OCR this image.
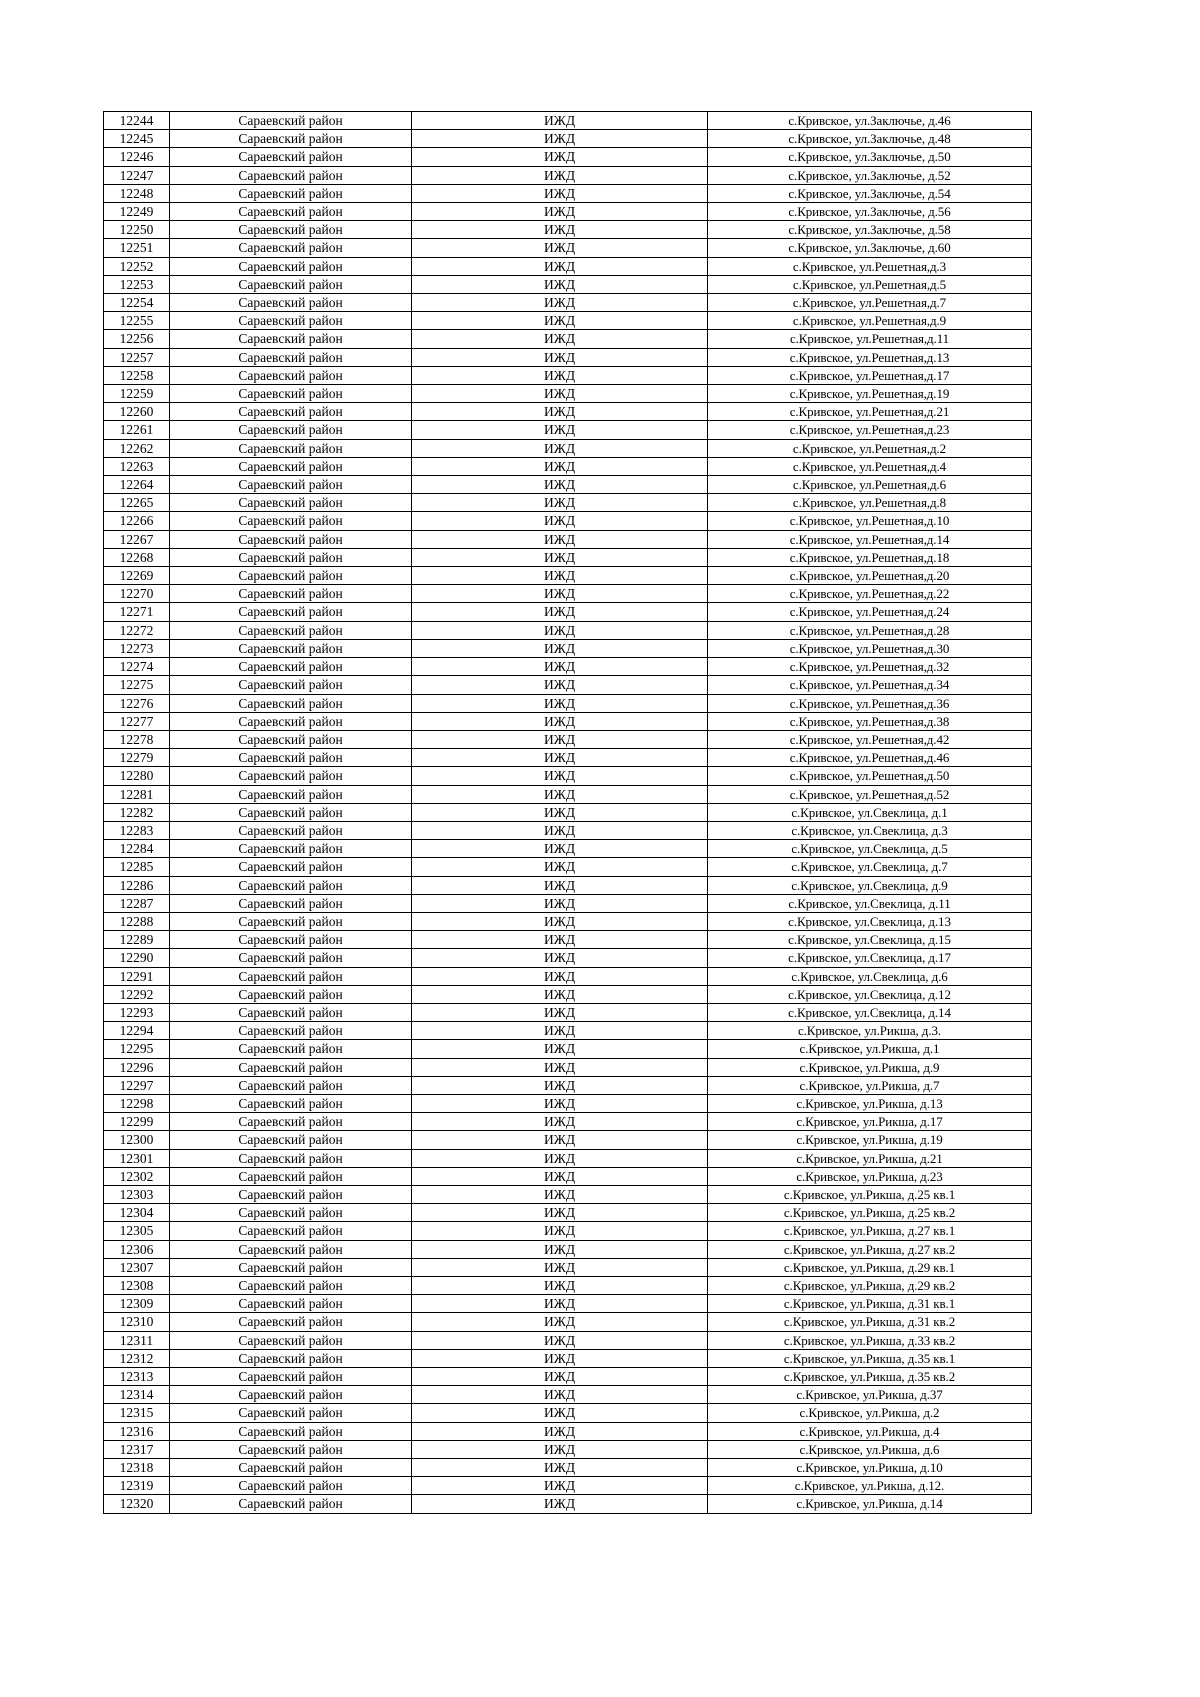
12244	Сараевский район	ИЖД	с.Кривское, ул.Заключье, д.46
12245	Сараевский район	ИЖД	с.Кривское, ул.Заключье, д.48
12246	Сараевский район	ИЖД	с.Кривское, ул.Заключье, д.50
12247	Сараевский район	ИЖД	с.Кривское, ул.Заключье, д.52
12248	Сараевский район	ИЖД	с.Кривское, ул.Заключье, д.54
12249	Сараевский район	ИЖД	с.Кривское, ул.Заключье, д.56
12250	Сараевский район	ИЖД	с.Кривское, ул.Заключье, д.58
12251	Сараевский район	ИЖД	с.Кривское, ул.Заключье, д.60
12252	Сараевский район	ИЖД	с.Кривское, ул.Решетная,д.3
12253	Сараевский район	ИЖД	с.Кривское, ул.Решетная,д.5
12254	Сараевский район	ИЖД	с.Кривское, ул.Решетная,д.7
12255	Сараевский район	ИЖД	с.Кривское, ул.Решетная,д.9
12256	Сараевский район	ИЖД	с.Кривское, ул.Решетная,д.11
12257	Сараевский район	ИЖД	с.Кривское, ул.Решетная,д.13
12258	Сараевский район	ИЖД	с.Кривское, ул.Решетная,д.17
12259	Сараевский район	ИЖД	с.Кривское, ул.Решетная,д.19
12260	Сараевский район	ИЖД	с.Кривское, ул.Решетная,д.21
12261	Сараевский район	ИЖД	с.Кривское, ул.Решетная,д.23
12262	Сараевский район	ИЖД	с.Кривское, ул.Решетная,д.2
12263	Сараевский район	ИЖД	с.Кривское, ул.Решетная,д.4
12264	Сараевский район	ИЖД	с.Кривское, ул.Решетная,д.6
12265	Сараевский район	ИЖД	с.Кривское, ул.Решетная,д.8
12266	Сараевский район	ИЖД	с.Кривское, ул.Решетная,д.10
12267	Сараевский район	ИЖД	с.Кривское, ул.Решетная,д.14
12268	Сараевский район	ИЖД	с.Кривское, ул.Решетная,д.18
12269	Сараевский район	ИЖД	с.Кривское, ул.Решетная,д.20
12270	Сараевский район	ИЖД	с.Кривское, ул.Решетная,д.22
12271	Сараевский район	ИЖД	с.Кривское, ул.Решетная,д.24
12272	Сараевский район	ИЖД	с.Кривское, ул.Решетная,д.28
12273	Сараевский район	ИЖД	с.Кривское, ул.Решетная,д.30
12274	Сараевский район	ИЖД	с.Кривское, ул.Решетная,д.32
12275	Сараевский район	ИЖД	с.Кривское, ул.Решетная,д.34
12276	Сараевский район	ИЖД	с.Кривское, ул.Решетная,д.36
12277	Сараевский район	ИЖД	с.Кривское, ул.Решетная,д.38
12278	Сараевский район	ИЖД	с.Кривское, ул.Решетная,д.42
12279	Сараевский район	ИЖД	с.Кривское, ул.Решетная,д.46
12280	Сараевский район	ИЖД	с.Кривское, ул.Решетная,д.50
12281	Сараевский район	ИЖД	с.Кривское, ул.Решетная,д.52
12282	Сараевский район	ИЖД	с.Кривское, ул.Свеклица, д.1
12283	Сараевский район	ИЖД	с.Кривское, ул.Свеклица, д.3
12284	Сараевский район	ИЖД	с.Кривское, ул.Свеклица, д.5
12285	Сараевский район	ИЖД	с.Кривское, ул.Свеклица, д.7
12286	Сараевский район	ИЖД	с.Кривское, ул.Свеклица, д.9
12287	Сараевский район	ИЖД	с.Кривское, ул.Свеклица, д.11
12288	Сараевский район	ИЖД	с.Кривское, ул.Свеклица, д.13
12289	Сараевский район	ИЖД	с.Кривское, ул.Свеклица, д.15
12290	Сараевский район	ИЖД	с.Кривское, ул.Свеклица, д.17
12291	Сараевский район	ИЖД	с.Кривское, ул.Свеклица, д.6
12292	Сараевский район	ИЖД	с.Кривское, ул.Свеклица, д.12
12293	Сараевский район	ИЖД	с.Кривское, ул.Свеклица, д.14
12294	Сараевский район	ИЖД	с.Кривское, ул.Рикша, д.3.
12295	Сараевский район	ИЖД	с.Кривское, ул.Рикша, д.1
12296	Сараевский район	ИЖД	с.Кривское, ул.Рикша, д.9
12297	Сараевский район	ИЖД	с.Кривское, ул.Рикша, д.7
12298	Сараевский район	ИЖД	с.Кривское, ул.Рикша, д.13
12299	Сараевский район	ИЖД	с.Кривское, ул.Рикша, д.17
12300	Сараевский район	ИЖД	с.Кривское, ул.Рикша, д.19
12301	Сараевский район	ИЖД	с.Кривское, ул.Рикша, д.21
12302	Сараевский район	ИЖД	с.Кривское, ул.Рикша, д.23
12303	Сараевский район	ИЖД	с.Кривское, ул.Рикша, д.25 кв.1
12304	Сараевский район	ИЖД	с.Кривское, ул.Рикша, д.25 кв.2
12305	Сараевский район	ИЖД	с.Кривское, ул.Рикша, д.27 кв.1
12306	Сараевский район	ИЖД	с.Кривское, ул.Рикша, д.27 кв.2
12307	Сараевский район	ИЖД	с.Кривское, ул.Рикша, д.29 кв.1
12308	Сараевский район	ИЖД	с.Кривское, ул.Рикша, д.29 кв.2
12309	Сараевский район	ИЖД	с.Кривское, ул.Рикша, д.31 кв.1
12310	Сараевский район	ИЖД	с.Кривское, ул.Рикша, д.31 кв.2
12311	Сараевский район	ИЖД	с.Кривское, ул.Рикша, д.33 кв.2
12312	Сараевский район	ИЖД	с.Кривское, ул.Рикша, д.35 кв.1
12313	Сараевский район	ИЖД	с.Кривское, ул.Рикша, д.35 кв.2
12314	Сараевский район	ИЖД	с.Кривское, ул.Рикша, д.37
12315	Сараевский район	ИЖД	с.Кривское, ул.Рикша, д.2
12316	Сараевский район	ИЖД	с.Кривское, ул.Рикша, д.4
12317	Сараевский район	ИЖД	с.Кривское, ул.Рикша, д.6
12318	Сараевский район	ИЖД	с.Кривское, ул.Рикша, д.10
12319	Сараевский район	ИЖД	с.Кривское, ул.Рикша, д.12.
12320	Сараевский район	ИЖД	с.Кривское, ул.Рикша, д.14
